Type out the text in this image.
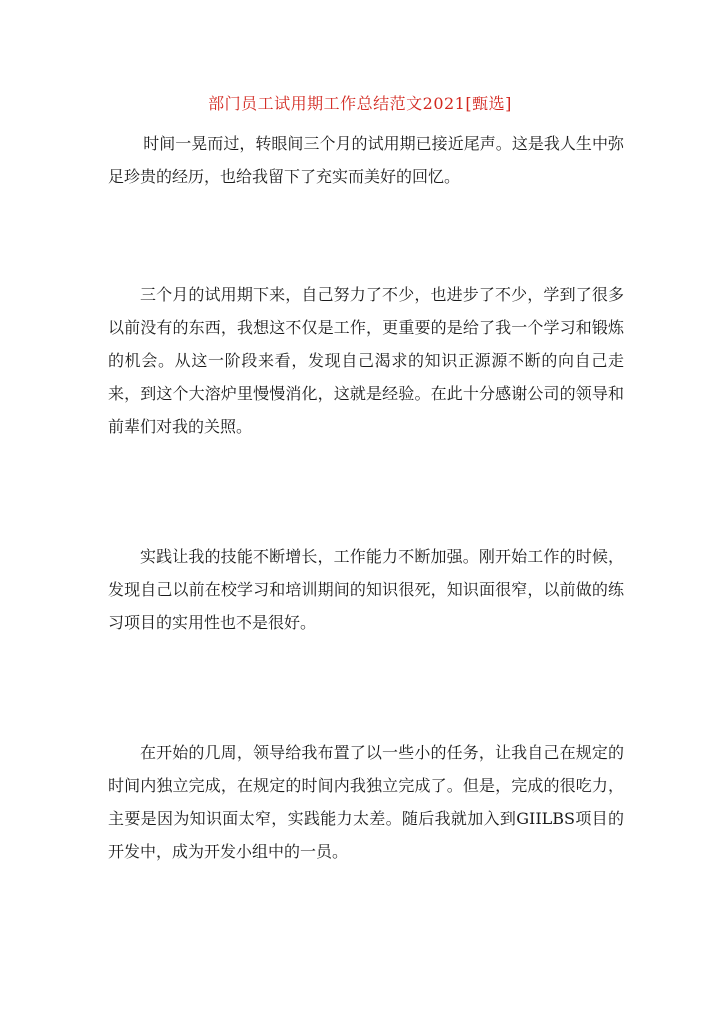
部门员工试用期工作总结范文2021[甄选]

时间一晃而过，转眼间三个月的试用期已接近尾声。这是我人生中弥足珍贵的经历，也给我留下了充实而美好的回忆。

三个月的试用期下来，自己努力了不少，也进步了不少，学到了很多以前没有的东西，我想这不仅是工作，更重要的是给了我一个学习和锻炼的机会。从这一阶段来看，发现自己渴求的知识正源源不断的向自己走来，到这个大溶炉里慢慢消化，这就是经验。在此十分感谢公司的领导和前辈们对我的关照。

实践让我的技能不断增长，工作能力不断加强。刚开始工作的时候，发现自己以前在校学习和培训期间的知识很死，知识面很窄，以前做的练习项目的实用性也不是很好。

在开始的几周，领导给我布置了以一些小的任务，让我自己在规定的时间内独立完成，在规定的时间内我独立完成了。但是，完成的很吃力，主要是因为知识面太窄，实践能力太差。随后我就加入到GIILBS项目的开发中，成为开发小组中的一员。
